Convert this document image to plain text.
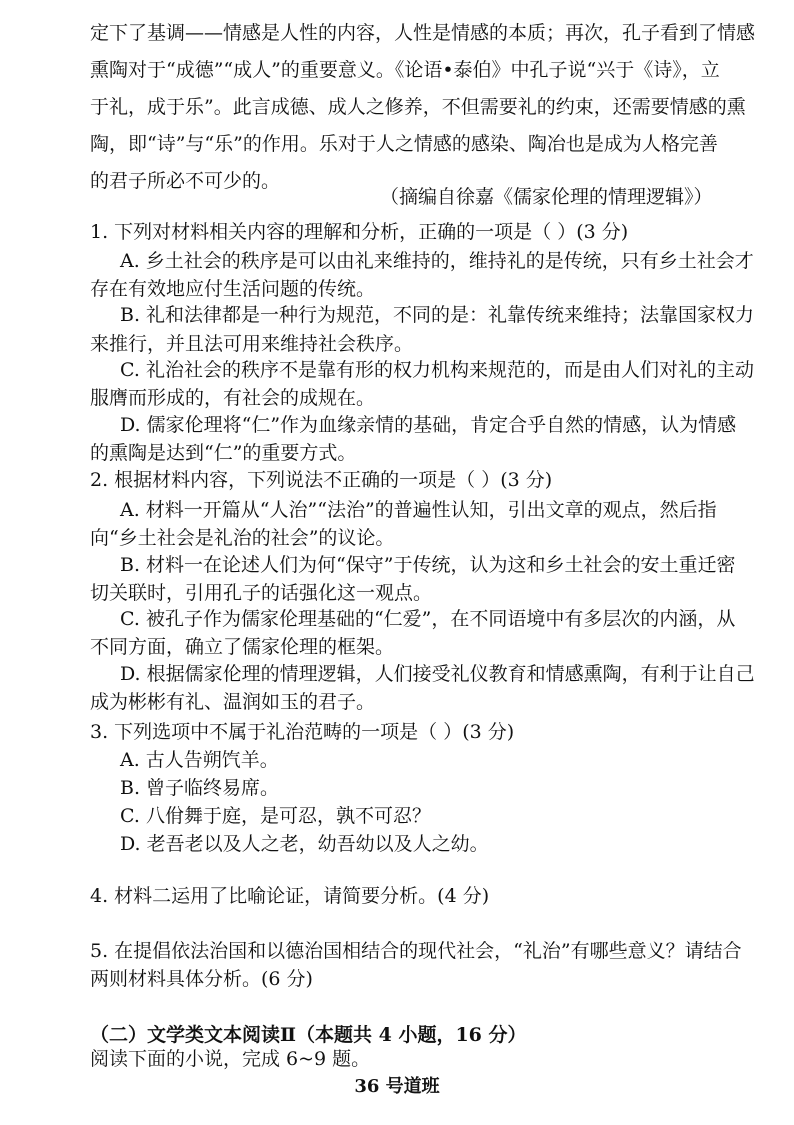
定下了基调——情感是人性的内容，人性是情感的本质；再次，孔子看到了情感
熏陶对于“成德”“成人”的重要意义。《论语•泰伯》中孔子说“兴于《诗》，立
于礼，成于乐”。此言成德、成人之修养，不但需要礼的约束，还需要情感的熏
陶，即“诗”与“乐”的作用。乐对于人之情感的感染、陶冶也是成为人格完善
的君子所必不可少的。
（摘编自徐嘉《儒家伦理的情理逻辑》）
1. 下列对材料相关内容的理解和分析，正确的一项是（ ）(3 分)
A. 乡土社会的秩序是可以由礼来维持的，维持礼的是传统，只有乡土社会才
存在有效地应付生活问题的传统。
B. 礼和法律都是一种行为规范，不同的是：礼靠传统来维持；法靠国家权力
来推行，并且法可用来维持社会秩序。
C. 礼治社会的秩序不是靠有形的权力机构来规范的，而是由人们对礼的主动
服膺而形成的，有社会的成规在。
D. 儒家伦理将“仁”作为血缘亲情的基础，肯定合乎自然的情感，认为情感
的熏陶是达到“仁”的重要方式。
2. 根据材料内容，下列说法不正确的一项是（ ）(3 分)
A. 材料一开篇从“人治”“法治”的普遍性认知，引出文章的观点，然后指
向“乡土社会是礼治的社会”的议论。
B. 材料一在论述人们为何“保守”于传统，认为这和乡土社会的安土重迁密
切关联时，引用孔子的话强化这一观点。
C. 被孔子作为儒家伦理基础的“仁爱”，在不同语境中有多层次的内涵，从
不同方面，确立了儒家伦理的框架。
D. 根据儒家伦理的情理逻辑，人们接受礼仪教育和情感熏陶，有利于让自己
成为彬彬有礼、温润如玉的君子。
3. 下列选项中不属于礼治范畴的一项是（ ）(3 分)
A. 古人告朔饩羊。
B. 曾子临终易席。
C. 八佾舞于庭，是可忍，孰不可忍？
D. 老吾老以及人之老，幼吾幼以及人之幼。
4. 材料二运用了比喻论证，请简要分析。(4 分)
5. 在提倡依法治国和以德治国相结合的现代社会，“礼治”有哪些意义？请结合
两则材料具体分析。(6 分)
（二）文学类文本阅读Ⅱ（本题共 4 小题，16 分）
阅读下面的小说，完成 6~9 题。
36 号道班
